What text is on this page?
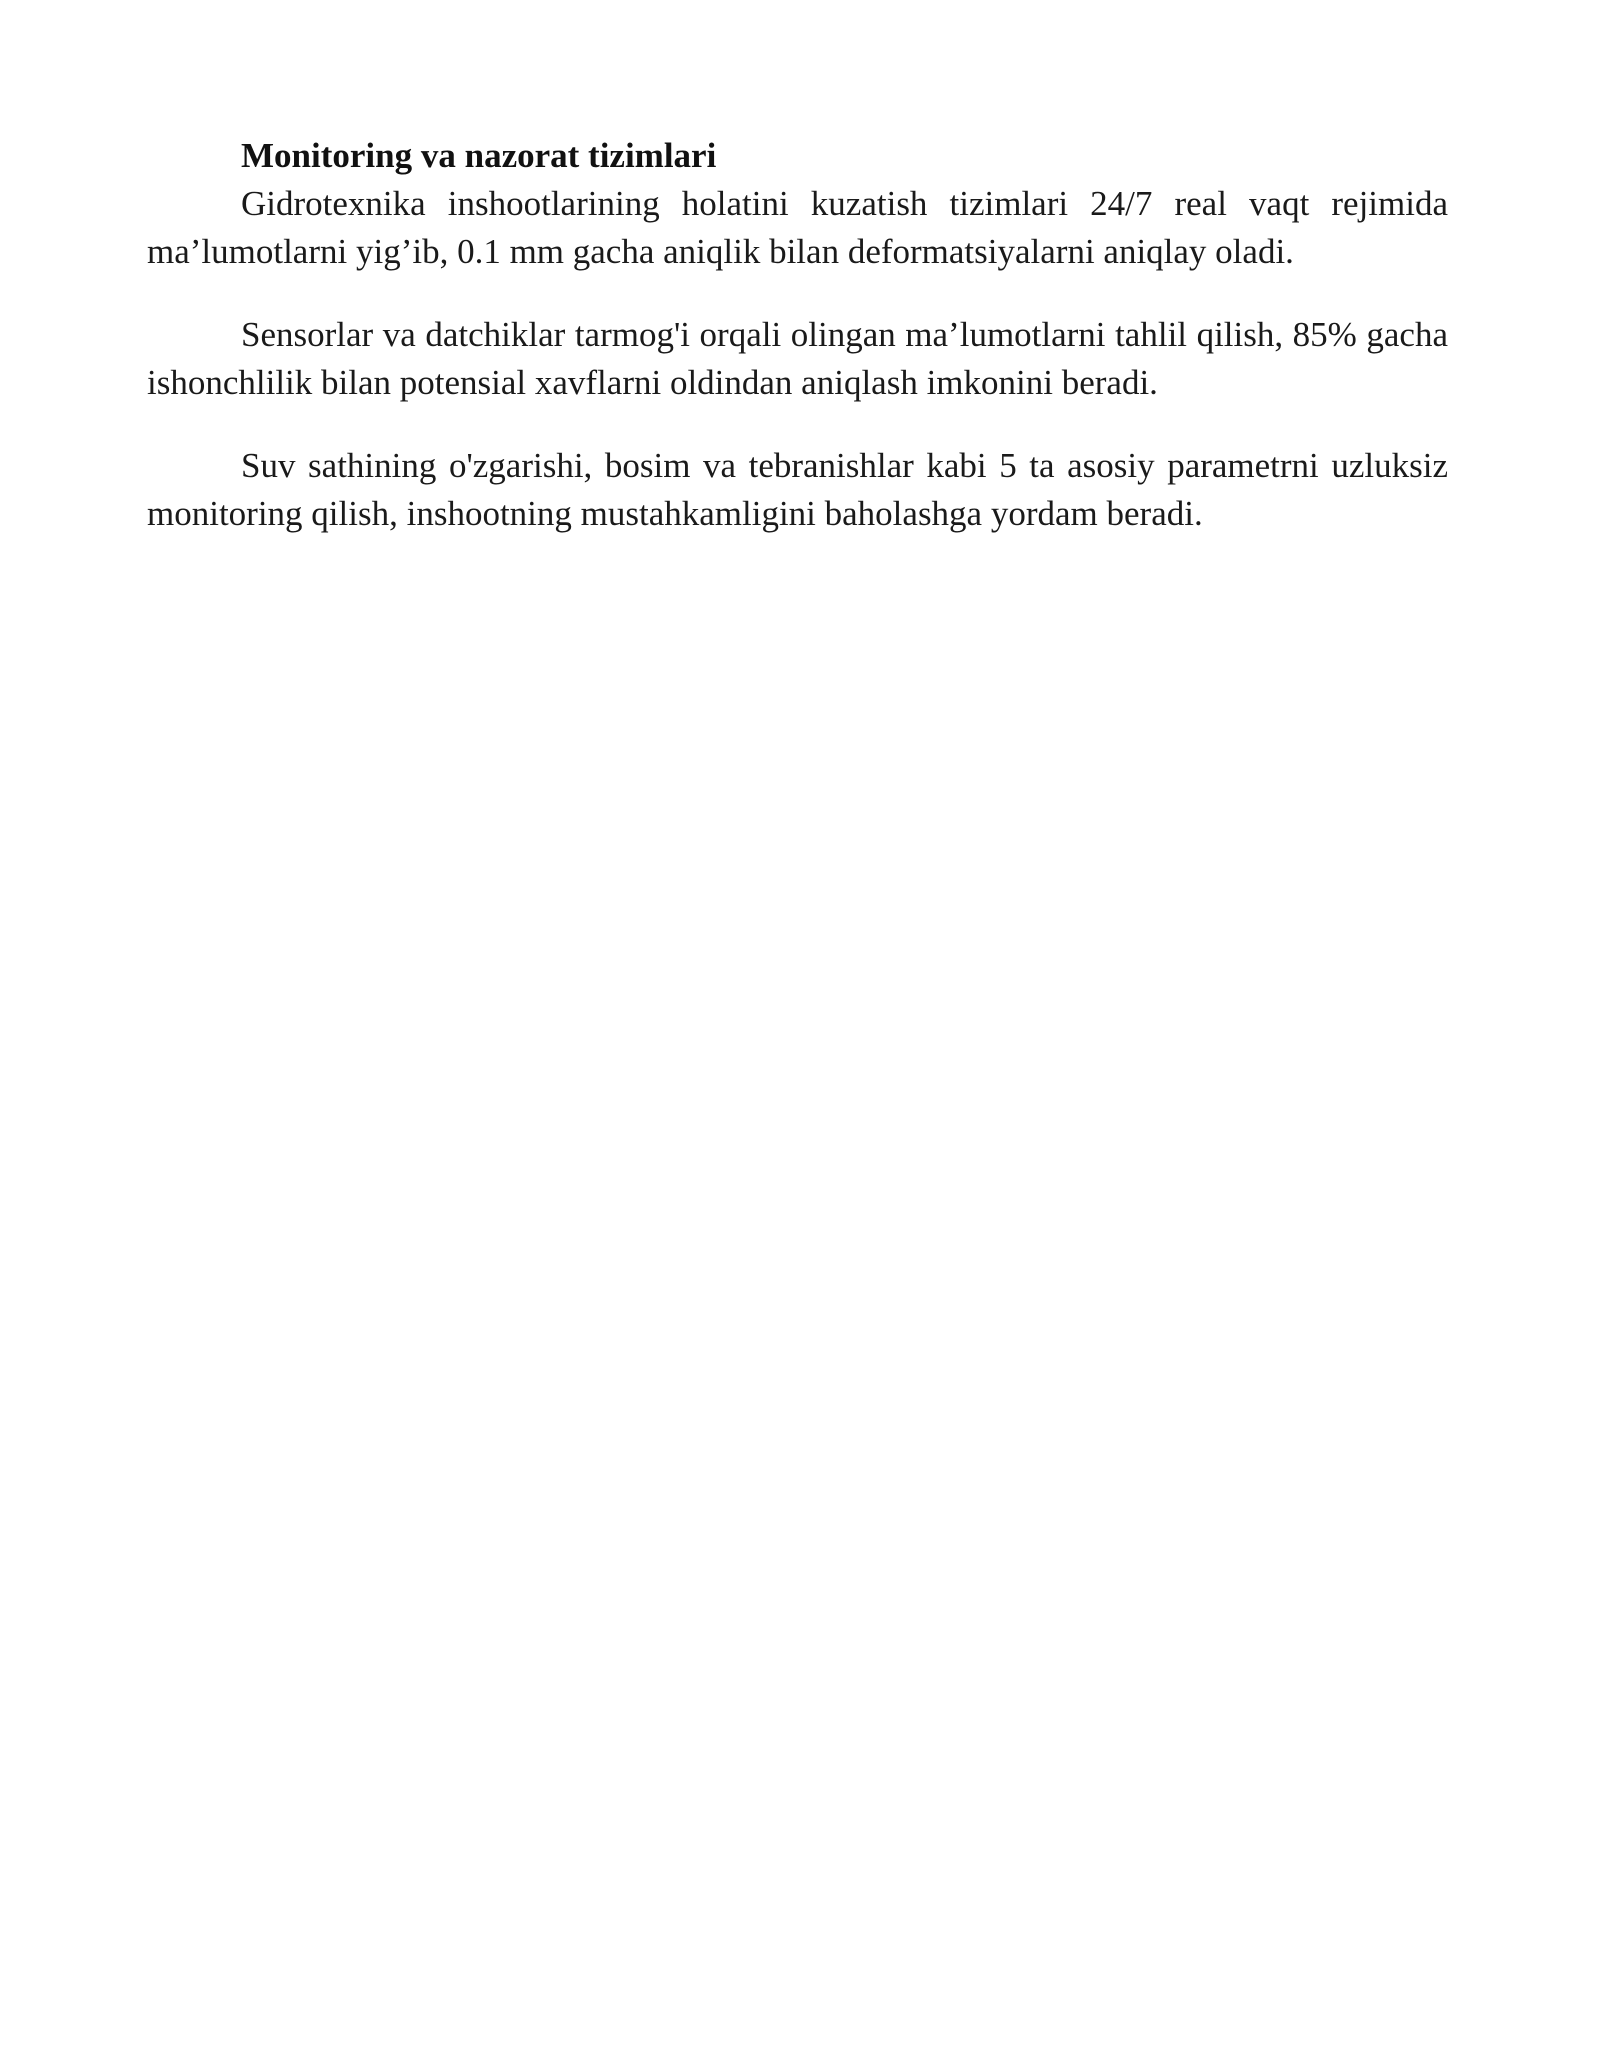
Monitoring va nazorat tizimlari

Gidrotexnika inshootlarining holatini kuzatish tizimlari 24/7 real vaqt rejimida ma’lumotlarni yig’ib, 0.1 mm gacha aniqlik bilan deformatsiyalarni aniqlay oladi.

Sensorlar va datchiklar tarmog'i orqali olingan ma’lumotlarni tahlil qilish, 85% gacha ishonchlilik bilan potensial xavflarni oldindan aniqlash imkonini beradi.

Suv sathining o'zgarishi, bosim va tebranishlar kabi 5 ta asosiy parametrni uzluksiz monitoring qilish, inshootning mustahkamligini baholashga yordam beradi.
